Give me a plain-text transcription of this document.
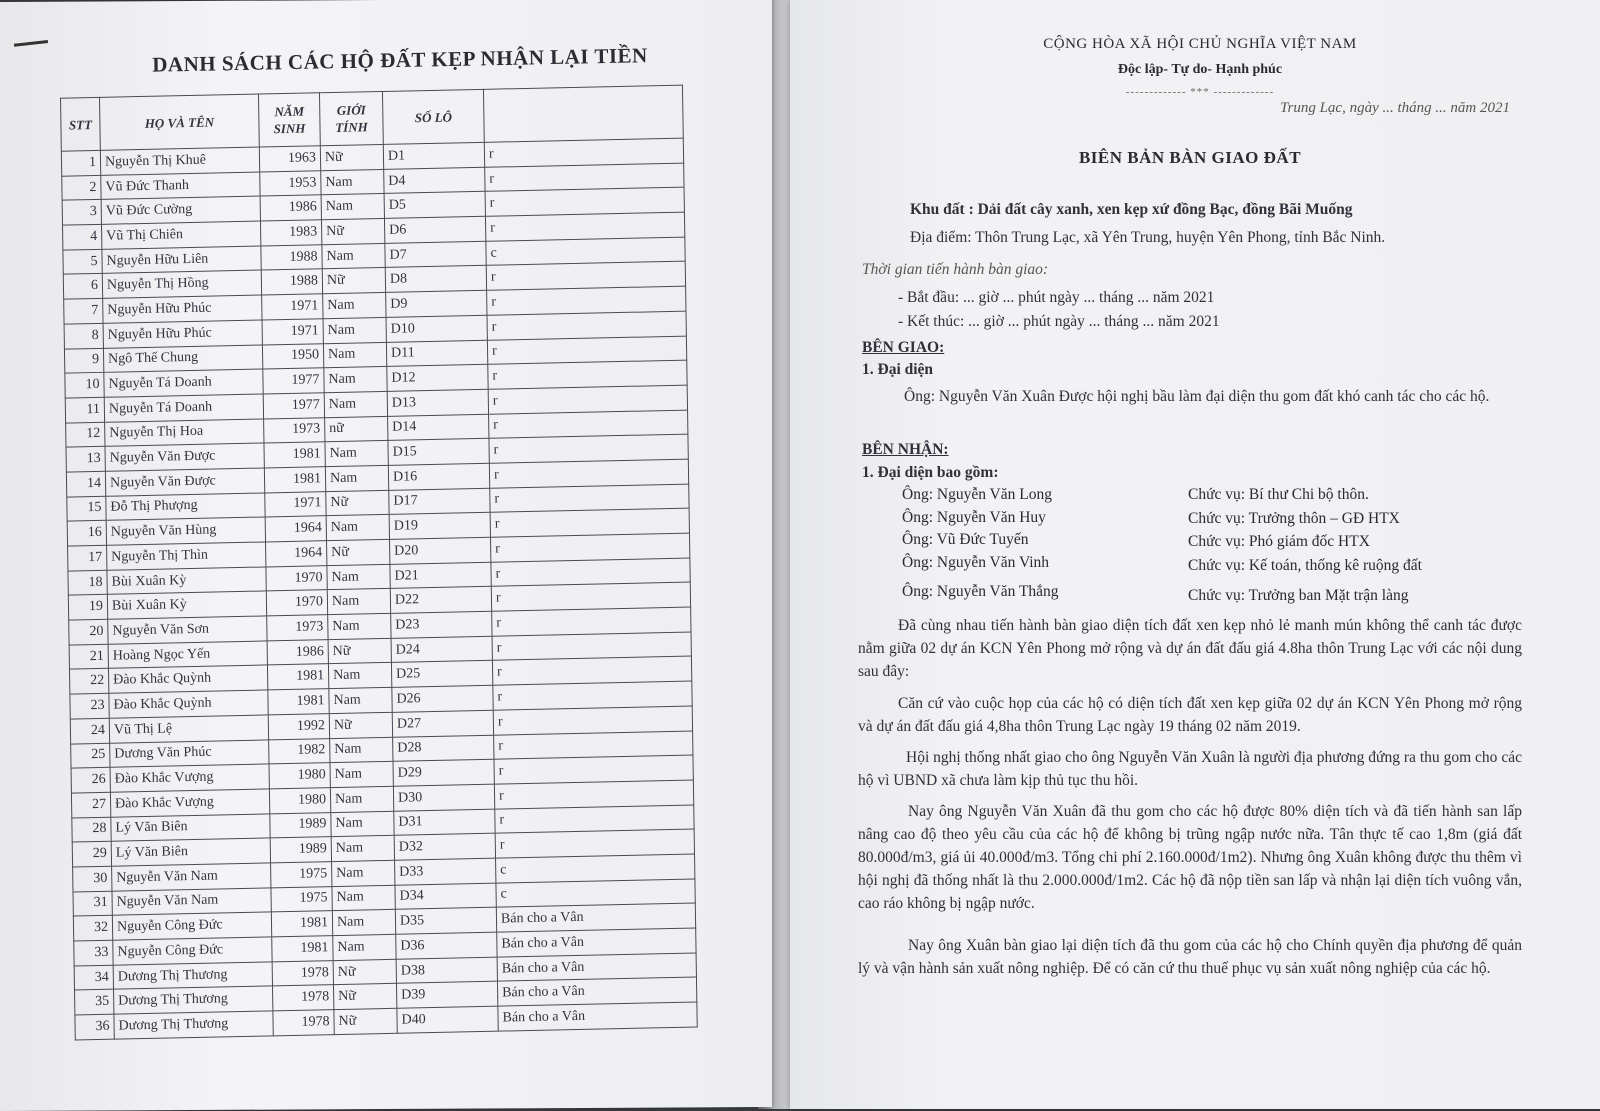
DANH SÁCH CÁC HỘ ĐẤT KẸP NHẬN LẠI TIỀN
STT	HỌ VÀ TÊN	NĂM SINH	GIỚI TÍNH	SỐ LÔ	
1	Nguyễn Thị Khuê	1963	Nữ	D1	r
2	Vũ Đức Thanh	1953	Nam	D4	r
3	Vũ Đức Cường	1986	Nam	D5	r
4	Vũ Thị Chiên	1983	Nữ	D6	r
5	Nguyễn Hữu Liên	1988	Nam	D7	c
6	Nguyễn Thị Hồng	1988	Nữ	D8	r
7	Nguyễn Hữu Phúc	1971	Nam	D9	r
8	Nguyễn Hữu Phúc	1971	Nam	D10	r
9	Ngô Thế Chung	1950	Nam	D11	r
10	Nguyễn Tá Doanh	1977	Nam	D12	r
11	Nguyễn Tá Doanh	1977	Nam	D13	r
12	Nguyễn Thị Hoa	1973	nữ	D14	r
13	Nguyễn Văn Được	1981	Nam	D15	r
14	Nguyễn Văn Được	1981	Nam	D16	r
15	Đỗ Thị Phượng	1971	Nữ	D17	r
16	Nguyễn Văn Hùng	1964	Nam	D19	r
17	Nguyễn Thị Thìn	1964	Nữ	D20	r
18	Bùi Xuân Kỳ	1970	Nam	D21	r
19	Bùi Xuân Kỳ	1970	Nam	D22	r
20	Nguyễn Văn Sơn	1973	Nam	D23	r
21	Hoàng Ngọc Yến	1986	Nữ	D24	r
22	Đào Khắc Quỳnh	1981	Nam	D25	r
23	Đào Khắc Quỳnh	1981	Nam	D26	r
24	Vũ Thị Lệ	1992	Nữ	D27	r
25	Dương Văn Phúc	1982	Nam	D28	r
26	Đào Khắc Vượng	1980	Nam	D29	r
27	Đào Khắc Vượng	1980	Nam	D30	r
28	Lý Văn Biên	1989	Nam	D31	r
29	Lý Văn Biên	1989	Nam	D32	r
30	Nguyễn Văn Nam	1975	Nam	D33	c
31	Nguyễn Văn Nam	1975	Nam	D34	c
32	Nguyễn Công Đức	1981	Nam	D35	Bán cho a Vân
33	Nguyễn Công Đức	1981	Nam	D36	Bán cho a Vân
34	Dương Thị Thương	1978	Nữ	D38	Bán cho a Vân
35	Dương Thị Thương	1978	Nữ	D39	Bán cho a Vân
36	Dương Thị Thương	1978	Nữ	D40	Bán cho a Vân
CỘNG HÒA XÃ HỘI CHỦ NGHĨA VIỆT NAM
Độc lập- Tự do- Hạnh phúc
------------- *** -------------
Trung Lạc, ngày ... tháng ... năm 2021
BIÊN BẢN BÀN GIAO ĐẤT
Khu đất : Dải đất cây xanh, xen kẹp xứ đồng Bạc, đồng Bãi Muống
Địa điểm: Thôn Trung Lạc, xã Yên Trung, huyện Yên Phong, tỉnh Bắc Ninh.
Thời gian tiến hành bàn giao:
- Bắt đầu: ... giờ ... phút ngày ... tháng ... năm 2021
- Kết thúc: ... giờ ... phút ngày ... tháng ... năm 2021
BÊN GIAO:
1. Đại diện
Ông: Nguyễn Văn Xuân Được hội nghị bầu làm đại diện thu gom đất khó canh tác cho các hộ.
BÊN NHẬN:
1. Đại diện bao gồm:
Ông: Nguyễn Văn Long	Chức vụ: Bí thư Chi bộ thôn.
Ông: Nguyễn Văn Huy	Chức vụ: Trưởng thôn – GĐ HTX
Ông: Vũ Đức Tuyến	Chức vụ: Phó giám đốc HTX
Ông: Nguyễn Văn Vinh	Chức vụ: Kế toán, thống kê ruộng đất
Ông: Nguyễn Văn Thắng	Chức vụ: Trưởng ban Mặt trận làng
Đã cùng nhau tiến hành bàn giao diện tích đất xen kẹp nhỏ lẻ manh mún không thể canh tác được nằm giữa 02 dự án KCN Yên Phong mở rộng và dự án đất đấu giá 4.8ha thôn Trung Lạc với các nội dung sau đây:
Căn cứ vào cuộc họp của các hộ có diện tích đất xen kẹp giữa 02 dự án KCN Yên Phong mở rộng và dự án đất đấu giá 4,8ha thôn Trung Lạc ngày 19 tháng 02 năm 2019.
Hội nghị thống nhất giao cho ông Nguyễn Văn Xuân là người địa phương đứng ra thu gom cho các hộ vì UBND xã chưa làm kịp thủ tục thu hồi.
Nay ông Nguyễn Văn Xuân đã thu gom cho các hộ được 80% diện tích và đã tiến hành san lấp nâng cao độ theo yêu cầu của các hộ để không bị trũng ngập nước nữa. Tân thực tế cao 1,8m (giá đất 80.000đ/m3, giá ủi 40.000đ/m3. Tổng chi phí 2.160.000đ/1m2). Nhưng ông Xuân không được thu thêm vì hội nghị đã thống nhất là thu 2.000.000đ/1m2. Các hộ đã nộp tiền san lấp và nhận lại diện tích vuông vắn, cao ráo không bị ngập nước.
Nay ông Xuân bàn giao lại diện tích đã thu gom của các hộ cho Chính quyền địa phương để quản lý và vận hành sản xuất nông nghiệp. Để có căn cứ thu thuế phục vụ sản xuất nông nghiệp của các hộ.
